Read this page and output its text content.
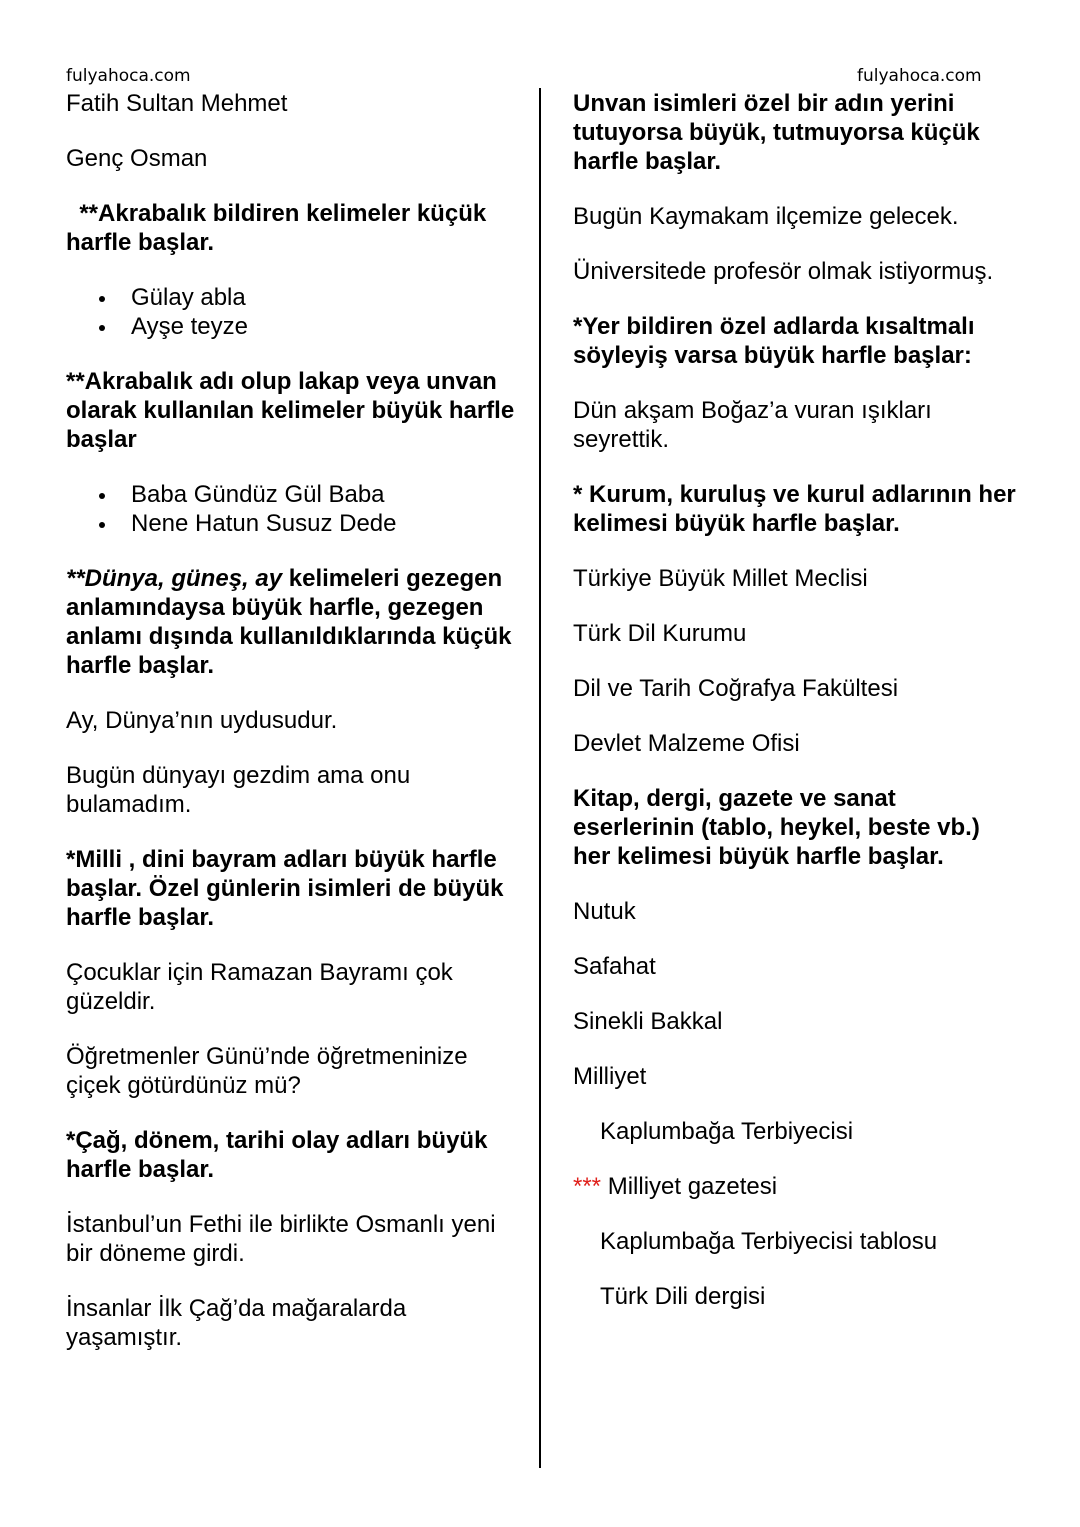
fulyahoca.com	fulyahoca.com

Fatih Sultan Mehmet

Genç Osman

**Akrabalık bildiren kelimeler küçük harfle başlar.

Gülay abla
Ayşe teyze

**Akrabalık adı olup lakap veya unvan olarak kullanılan kelimeler büyük harfle başlar

Baba Gündüz Gül Baba
Nene Hatun Susuz Dede

**Dünya, güneş, ay kelimeleri gezegen anlamındaysa büyük harfle, gezegen anlamı dışında kullanıldıklarında küçük harfle başlar.

Ay, Dünya’nın uydusudur.

Bugün dünyayı gezdim ama onu bulamadım.

*Milli , dini bayram adları büyük harfle başlar. Özel günlerin isimleri de büyük harfle başlar.

Çocuklar için Ramazan Bayramı çok güzeldir.

Öğretmenler Günü’nde öğretmeninize çiçek götürdünüz mü?

*Çağ, dönem, tarihi olay adları büyük harfle başlar.

İstanbul’un Fethi ile birlikte Osmanlı yeni bir döneme girdi.

İnsanlar İlk Çağ’da mağaralarda yaşamıştır.

Unvan isimleri özel bir adın yerini tutuyorsa büyük, tutmuyorsa küçük harfle başlar.

Bugün Kaymakam ilçemize gelecek.

Üniversitede profesör olmak istiyormuş.

*Yer bildiren özel adlarda kısaltmalı söyleyiş varsa büyük harfle başlar:

Dün akşam Boğaz’a vuran ışıkları seyrettik.

* Kurum, kuruluş ve kurul adlarının her kelimesi büyük harfle başlar.

Türkiye Büyük Millet Meclisi

Türk Dil Kurumu

Dil ve Tarih Coğrafya Fakültesi

Devlet Malzeme Ofisi

Kitap, dergi, gazete ve sanat eserlerinin (tablo, heykel, beste vb.) her kelimesi büyük harfle başlar.

Nutuk

Safahat

Sinekli Bakkal

Milliyet

Kaplumbağa Terbiyecisi

*** Milliyet gazetesi

Kaplumbağa Terbiyecisi tablosu

Türk Dili dergisi
